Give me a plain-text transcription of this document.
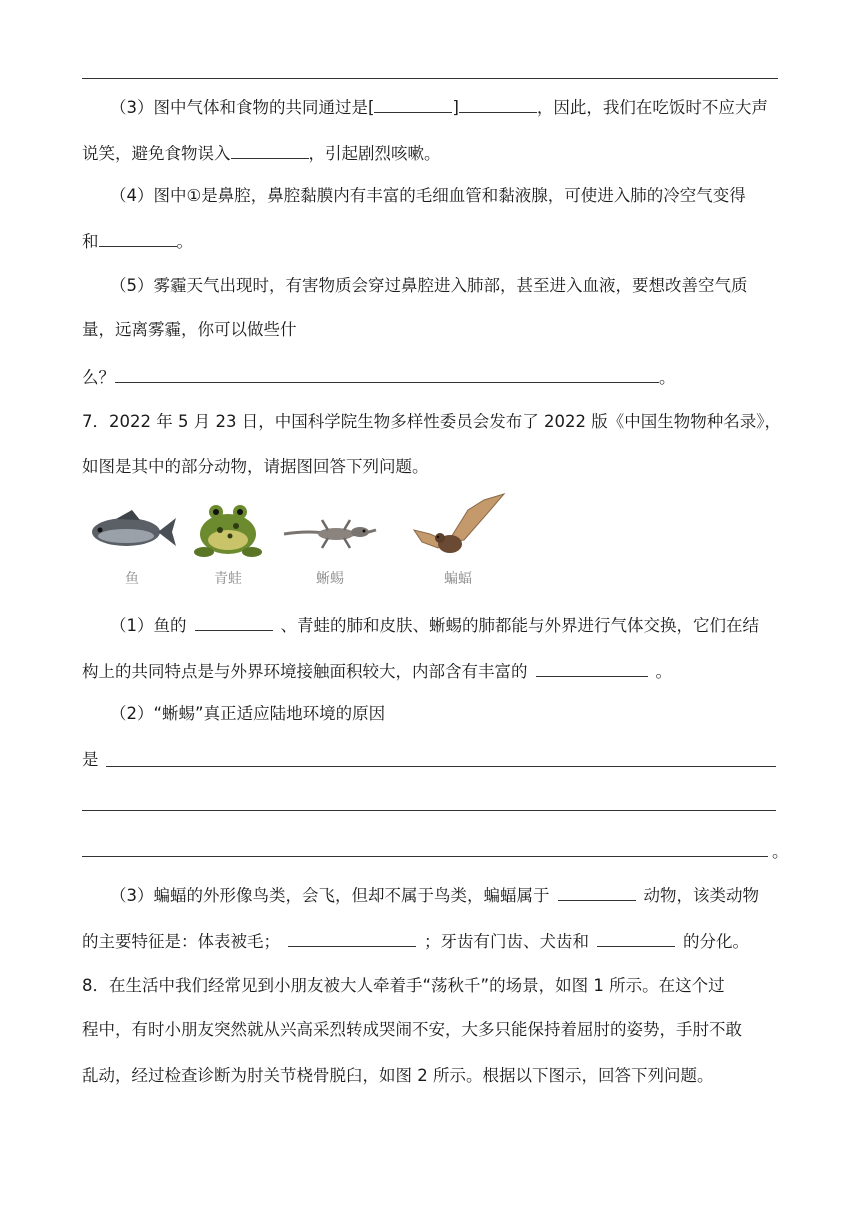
（3）图中气体和食物的共同通过是[	]	，因此，我们在吃饭时不应大声
说笑，避免食物误入	，引起剧烈咳嗽。
（4）图中①是鼻腔，鼻腔黏膜内有丰富的毛细血管和黏液腺，可使进入肺的冷空气变得
和	。
（5）雾霾天气出现时，有害物质会穿过鼻腔进入肺部，甚至进入血液，要想改善空气质
量，远离雾霾，你可以做些什
么？	。
7．2022 年 5 月 23 日，中国科学院生物多样性委员会发布了 2022 版《中国生物物种名录》，
如图是其中的部分动物，请据图回答下列问题。
鱼	青蛙	蜥蜴	蝙蝠
（1）鱼的	、青蛙的肺和皮肤、蜥蜴的肺都能与外界进行气体交换，它们在结
构上的共同特点是与外界环境接触面积较大，内部含有丰富的	。
（2）“蜥蜴”真正适应陆地环境的原因
是
。
（3）蝙蝠的外形像鸟类，会飞，但却不属于鸟类，蝙蝠属于	动物，该类动物
的主要特征是：体表被毛；	；牙齿有门齿、犬齿和	的分化。
8．在生活中我们经常见到小朋友被大人牵着手“荡秋千”的场景，如图 1 所示。在这个过
程中，有时小朋友突然就从兴高采烈转成哭闹不安，大多只能保持着屈肘的姿势，手肘不敢
乱动，经过检查诊断为肘关节桡骨脱臼，如图 2 所示。根据以下图示，回答下列问题。
